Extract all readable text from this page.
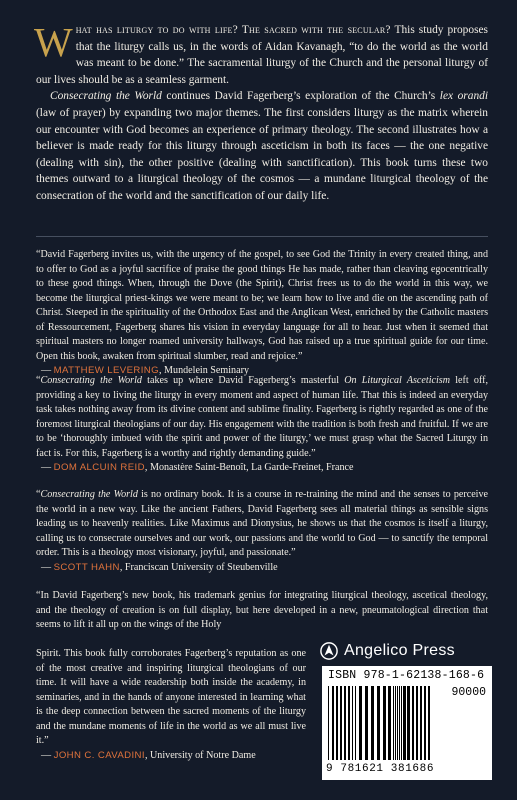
What has liturgy to do with life? The sacred with the secular? This study proposes that the liturgy calls us, in the words of Aidan Kavanagh, “to do the world as the world was meant to be done.” The sacramental liturgy of the Church and the personal liturgy of our lives should be as a seamless garment.

Consecrating the World continues David Fagerberg’s exploration of the Church’s lex orandi (law of prayer) by expanding two major themes. The first considers liturgy as the matrix wherein our encounter with God becomes an experience of primary theology. The second illustrates how a believer is made ready for this liturgy through asceticism in both its faces — the one negative (dealing with sin), the other positive (dealing with sanctification). This book turns these two themes outward to a liturgical theology of the cosmos — a mundane liturgical theology of the consecration of the world and the sanctification of our daily life.

“David Fagerberg invites us, with the urgency of the gospel, to see God the Trinity in every created thing, and to offer to God as a joyful sacrifice of praise the good things He has made, rather than cleaving egocentrically to these good things. When, through the Dove (the Spirit), Christ frees us to do the world in this way, we become the liturgical priest-kings we were meant to be; we learn how to live and die on the ascending path of Christ. Steeped in the spirituality of the Orthodox East and the Anglican West, enriched by the Catholic masters of Ressourcement, Fagerberg shares his vision in everyday language for all to hear. Just when it seemed that spiritual masters no longer roamed university hallways, God has raised up a true spiritual guide for our time. Open this book, awaken from spiritual slumber, read and rejoice.”

— MATTHEW LEVERING, Mundelein Seminary

“Consecrating the World takes up where David Fagerberg’s masterful On Liturgical Asceticism left off, providing a key to living the liturgy in every moment and aspect of human life. That this is indeed an everyday task takes nothing away from its divine content and sublime finality. Fagerberg is rightly regarded as one of the foremost liturgical theologians of our day. His engagement with the tradition is both fresh and fruitful. If we are to be ‘thoroughly imbued with the spirit and power of the liturgy,’ we must grasp what the Sacred Liturgy in fact is. For this, Fagerberg is a worthy and rightly demanding guide.”

— DOM ALCUIN REID, Monastère Saint-Benoît, La Garde-Freinet, France

“Consecrating the World is no ordinary book. It is a course in re-training the mind and the senses to perceive the world in a new way. Like the ancient Fathers, David Fagerberg sees all material things as sensible signs leading us to heavenly realities. Like Maximus and Dionysius, he shows us that the cosmos is itself a liturgy, calling us to consecrate ourselves and our work, our passions and the world to God — to sanctify the temporal order. This is a theology most visionary, joyful, and passionate.”

— SCOTT HAHN, Franciscan University of Steubenville

“In David Fagerberg’s new book, his trademark genius for integrating liturgical theology, ascetical theology, and the theology of creation is on full display, but here developed in a new, pneumatological direction that seems to lift it all up on the wings of the Holy

Spirit. This book fully corroborates Fagerberg’s reputation as one of the most creative and inspiring liturgical theologians of our time. It will have a wide readership both inside the academy, in seminaries, and in the hands of anyone interested in learning what is the deep connection between the sacred moments of the liturgy and the mundane moments of life in the world as we all must live it.”

— JOHN C. CAVADINI, University of Notre Dame

Angelico Press
ISBN 978-1-62138-168-6
90000
9 781621 381686
